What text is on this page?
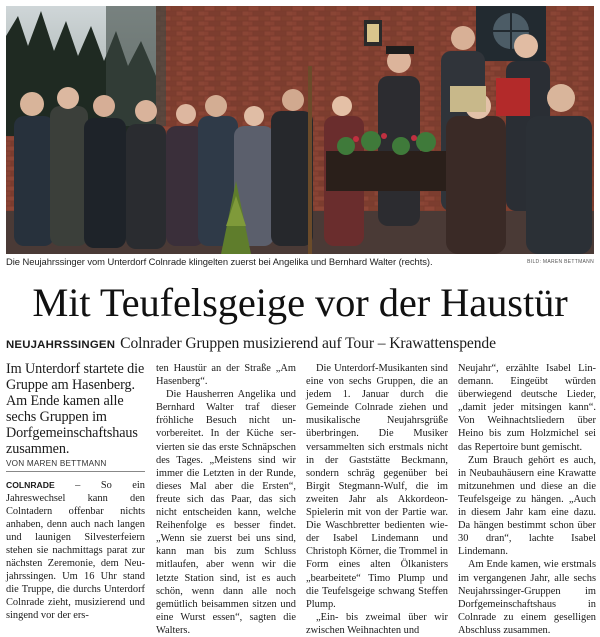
Die Neujahrssinger vom Unterdorf Colnrade klingelten zuerst bei Angelika und Bernhard Walter (rechts).	BILD: MAREN BETTMANN
Mit Teufelsgeige vor der Haustür
NEUJAHRSSINGEN Colnrader Gruppen musizierend auf Tour – Krawattenspende

Im Unterdorf startete die Gruppe am Hasenberg. Am Ende kamen alle sechs Gruppen im Dorfgemeinschaftshaus zusammen.

VON MAREN BETTMANN

COLNRADE – So ein Jahreswechsel kann den Colntadern offenbar nichts anhaben, denn auch nach langen und launigen Silvesterfeiern stehen sie nachmittags parat zur nächsten Zeremonie, dem Neujahrssingen. Um 16 Uhr stand die Truppe, die durchs Unterdorf Colnrade zieht, musizierend und singend vor der ers-

ten Haustür an der Straße „Am Hasenberg“.

Die Hausherren Angelika und Bernhard Walter traf dieser fröhliche Besuch nicht unvorbereitet. In der Küche servierten sie das erste Schnäpschen des Tages. „Meistens sind wir immer die Letzten in der Runde, dieses Mal aber die Ersten“, freute sich das Paar, das sich nicht entscheiden kann, welche Reihenfolge es besser findet. „Wenn sie zuerst bei uns sind, kann man bis zum Schluss mitlaufen, aber wenn wir die letzte Station sind, ist es auch schön, wenn dann alle noch gemütlich beisammen sitzen und eine Wurst essen“, sagten die Walters.

Die Unterdorf-Musikanten sind eine von sechs Gruppen, die an jedem 1. Januar durch die Gemeinde Colnrade ziehen und musikalische Neujahrsgrüße überbringen. Die Musiker versammelten sich erstmals nicht in der Gaststätte Beckmann, sondern schräg gegenüber bei Birgit Stegmann-Wulf, die im zweiten Jahr als Akkordeon-Spielerin mit von der Partie war. Die Waschbretter bedienten wieder Isabel Lindemann und Christoph Körner, die Trommel in Form eines alten Ölkanisters „bearbeitete“ Timo Plump und die Teufelsgeige schwang Steffen Plump.

„Ein- bis zweimal über wir zwischen Weihnachten und

Neujahr“, erzählte Isabel Lindemann. Eingeübt würden überwiegend deutsche Lieder, „damit jeder mitsingen kann“. Von Weihnachtsliedern über Heino bis zum Holzmichel sei das Repertoire bunt gemischt.

Zum Brauch gehört es auch, in Neubauhäusern eine Krawatte mitzunehmen und diese an die Teufelsgeige zu hängen. „Auch in diesem Jahr kam eine dazu. Da hängen bestimmt schon über 30 dran“, lachte Isabel Lindemann.

Am Ende kamen, wie erstmals im vergangenen Jahr, alle sechs Neujahrssinger-Gruppen im Dorfgemeinschaftshaus in Colnrade zu einem geselligen Abschluss zusammen.
